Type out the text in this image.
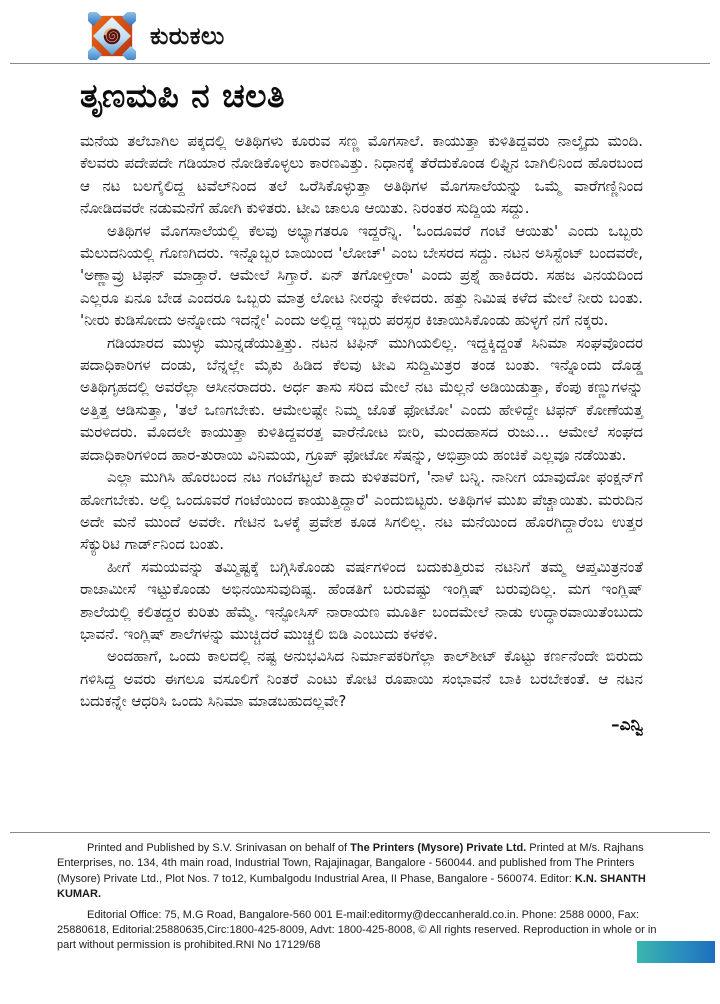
ಕುರುಕಲು
ತೃಣಮಪಿ ನ ಚಲತಿ

ಮನೆಯ ತಲೆಬಾಗಿಲ ಪಕ್ಕದಲ್ಲಿ ಅತಿಥಿಗಳು ಕೂರುವ ಸಣ್ಣ ಮೊಗಸಾಲೆ. ಕಾಯುತ್ತಾ ಕುಳಿತಿದ್ದವರು ನಾಲ್ಕೈದು ಮಂದಿ. ಕೆಲವರು ಪದೇಪದೇ ಗಡಿಯಾರ ನೋಡಿಕೊಳ್ಳಲು ಕಾರಣವಿತ್ತು. ನಿಧಾನಕ್ಕೆ ತೆರೆದುಕೊಂಡ ಲಿಫ್ಟಿನ ಬಾಗಿಲಿನಿಂದ ಹೊರಬಂದ ಆ ನಟ ಬಲಗೈಲಿದ್ದ ಟವೆಲ್‌ನಿಂದ ತಲೆ ಒರೆಸಿಕೊಳ್ಳುತ್ತಾ ಅತಿಥಿಗಳ ಮೊಗಸಾಲೆಯನ್ನು ಒಮ್ಮೆ ವಾರೆಗಣ್ಣಿನಿಂದ ನೋಡಿದವರೇ ನಡುಮನೆಗೆ ಹೋಗಿ ಕುಳಿತರು. ಟೀವಿ ಚಾಲೂ ಆಯಿತು. ನಿರಂತರ ಸುದ್ದಿಯ ಸದ್ದು.

ಅತಿಥಿಗಳ ಮೊಗಸಾಲೆಯಲ್ಲಿ ಕೆಲವು ಅಭ್ಯಾಗತರೂ ಇದ್ದರೆನ್ನಿ. 'ಒಂದೂವರೆ ಗಂಟೆ ಆಯಿತು' ಎಂದು ಒಬ್ಬರು ಮೆಲುದನಿಯಲ್ಲಿ ಗೊಣಗಿದರು. ಇನ್ನೊಬ್ಬರ ಬಾಯಿಂದ 'ಲೋಚ್' ಎಂಬ ಬೇಸರದ ಸದ್ದು. ನಟನ ಅಸಿಸ್ಟೆಂಟ್ ಬಂದವರೇ, 'ಅಣ್ಣಾವ್ರು ಟಿಫನ್ ಮಾಡ್ತಾರೆ. ಆಮೇಲೆ ಸಿಗ್ತಾರೆ. ಏನ್ ತಗೋಳ್ತೀರಾ' ಎಂದು ಪ್ರಶ್ನೆ ಹಾಕಿದರು. ಸಹಜ ವಿನಯದಿಂದ ಎಲ್ಲರೂ ಏನೂ ಬೇಡ ಎಂದರೂ ಒಬ್ಬರು ಮಾತ್ರ ಲೋಟ ನೀರನ್ನು ಕೇಳಿದರು. ಹತ್ತು ನಿಮಿಷ ಕಳೆದ ಮೇಲೆ ನೀರು ಬಂತು. 'ನೀರು ಕುಡಿಸೋದು ಅನ್ನೋದು ಇದನ್ನೇ' ಎಂದು ಅಲ್ಲಿದ್ದ ಇಬ್ಬರು ಪರಸ್ಪರ ಕಿಚಾಯಿಸಿಕೊಂಡು ಹುಳ್ಳಗೆ ನಗೆ ನಕ್ಕರು.

ಗಡಿಯಾರದ ಮುಳ್ಳು ಮುನ್ನಡೆಯುತ್ತಿತ್ತು. ನಟನ ಟಿಫಿನ್ ಮುಗಿಯಲಿಲ್ಲ. ಇದ್ದಕ್ಕಿದ್ದಂತೆ ಸಿನಿಮಾ ಸಂಘವೊಂದರ ಪದಾಧಿಕಾರಿಗಳ ದಂಡು, ಬೆನ್ನಲ್ಲೇ ಮೈಕು ಹಿಡಿದ ಕೆಲವು ಟೀವಿ ಸುದ್ದಿಮಿತ್ರರ ತಂಡ ಬಂತು. ಇನ್ನೊಂದು ದೊಡ್ಡ ಅತಿಥಿಗೃಹದಲ್ಲಿ ಅವರೆಲ್ಲಾ ಆಸೀನರಾದರು. ಅರ್ಧ ತಾಸು ಸರಿದ ಮೇಲೆ ನಟ ಮೆಲ್ಲನೆ ಅಡಿಯಿಡುತ್ತಾ, ಕೆಂಪು ಕಣ್ಣುಗಳನ್ನು ಅತ್ತಿತ್ತ ಆಡಿಸುತ್ತಾ, 'ತಲೆ ಒಣಗಬೇಕು. ಆಮೇಲಷ್ಟೇ ನಿಮ್ಮ ಜೊತೆ ಫೋಟೋ' ಎಂದು ಹೇಳಿದ್ದೇ ಟಿಫನ್ ಕೋಣೆಯತ್ತ ಮರಳಿದರು. ಮೊದಲೇ ಕಾಯುತ್ತಾ ಕುಳಿತಿದ್ದವರತ್ತ ವಾರೆನೋಟ ಬೀರಿ, ಮಂದಹಾಸದ ರುಜು... ಆಮೇಲೆ ಸಂಘದ ಪದಾಧಿಕಾರಿಗಳಿಂದ ಹಾರ-ತುರಾಯಿ ವಿನಿಮಯ, ಗ್ರೂಪ್ ಫೋಟೋ ಸೆಷನ್ನು, ಅಭಿಪ್ರಾಯ ಹಂಚಿಕೆ ಎಲ್ಲವೂ ನಡೆಯಿತು.

ಎಲ್ಲಾ ಮುಗಿಸಿ ಹೊರಬಂದ ನಟ ಗಂಟೆಗಟ್ಟಲೆ ಕಾದು ಕುಳಿತವರಿಗೆ, 'ನಾಳೆ ಬನ್ನಿ. ನಾನೀಗ ಯಾವುದೋ ಫಂಕ್ಷನ್‌ಗೆ ಹೋಗಬೇಕು. ಅಲ್ಲಿ ಒಂದೂವರೆ ಗಂಟೆಯಿಂದ ಕಾಯುತ್ತಿದ್ದಾರೆ' ಎಂದುಬಿಟ್ಟರು. ಅತಿಥಿಗಳ ಮುಖ ಪೆಚ್ಚಾಯಿತು. ಮರುದಿನ ಅದೇ ಮನೆ ಮುಂದೆ ಅವರೇ. ಗೇಟಿನ ಒಳಕ್ಕೆ ಪ್ರವೇಶ ಕೂಡ ಸಿಗಲಿಲ್ಲ. ನಟ ಮನೆಯಿಂದ ಹೊರಗಿದ್ದಾರೆಂಬ ಉತ್ತರ ಸೆಕ್ಯುರಿಟಿ ಗಾರ್ಡ್‌ನಿಂದ ಬಂತು.

ಹೀಗೆ ಸಮಯವನ್ನು ತಮ್ಮಿಷ್ಟಕ್ಕೆ ಬಗ್ಗಿಸಿಕೊಂಡು ವರ್ಷಗಳಿಂದ ಬದುಕುತ್ತಿರುವ ನಟನಿಗೆ ತಮ್ಮ ಆಪ್ತಮಿತ್ರನಂತೆ ರಾಜಾಮೀಸೆ ಇಟ್ಟುಕೊಂಡು ಅಭಿನಯಿಸುವುದಿಷ್ಟ. ಹೆಂಡತಿಗೆ ಬರುವಷ್ಟು ಇಂಗ್ಲಿಷ್ ಬರುವುದಿಲ್ಲ. ಮಗ ಇಂಗ್ಲಿಷ್ ಶಾಲೆಯಲ್ಲಿ ಕಲಿತದ್ದರ ಕುರಿತು ಹೆಮ್ಮೆ. ಇನ್ಫೋಸಿಸ್ ನಾರಾಯಣ ಮೂರ್ತಿ ಬಂದಮೇಲೆ ನಾಡು ಉದ್ಧಾರವಾಯಿತೆಂಬುದು ಭಾವನೆ. ಇಂಗ್ಲಿಷ್ ಶಾಲೆಗಳನ್ನು ಮುಚ್ಚಿದರೆ ಮುಚ್ಚಲಿ ಬಿಡಿ ಎಂಬುದು ಕಳಕಳಿ.

ಅಂದಹಾಗೆ, ಒಂದು ಕಾಲದಲ್ಲಿ ನಷ್ಟ ಅನುಭವಿಸಿದ ನಿರ್ಮಾಪಕರಿಗೆಲ್ಲಾ ಕಾಲ್‌ಶೀಟ್ ಕೊಟ್ಟು ಕರ್ಣನೆಂದೇ ಬಿರುದು ಗಳಿಸಿದ್ದ ಅವರು ಈಗಲೂ ವಸೂಲಿಗೆ ನಿಂತರೆ ಎಂಟು ಕೋಟಿ ರೂಪಾಯಿ ಸಂಭಾವನೆ ಬಾಕಿ ಬರಬೇಕಂತೆ. ಆ ನಟನ ಬದುಕನ್ನೇ ಆಧರಿಸಿ ಒಂದು ಸಿನಿಮಾ ಮಾಡಬಹುದಲ್ಲವೇ?

–ಎನ್ವಿ

Printed and Published by S.V. Srinivasan on behalf of The Printers (Mysore) Private Ltd. Printed at M/s. Rajhans Enterprises, no. 134, 4th main road, Industrial Town, Rajajinagar, Bangalore - 560044. and published from The Printers (Mysore) Private Ltd., Plot Nos. 7 to12, Kumbalgodu Industrial Area, II Phase, Bangalore - 560074. Editor: K.N. SHANTH KUMAR.

Editorial Office: 75, M.G Road, Bangalore-560 001 E-mail:editormy@deccanherald.co.in. Phone: 2588 0000, Fax: 25880618, Editorial:25880635,Circ:1800-425-8009, Advt: 1800-425-8008, © All rights reserved. Reproduction in whole or in part without permission is prohibited.RNI No 17129/68
